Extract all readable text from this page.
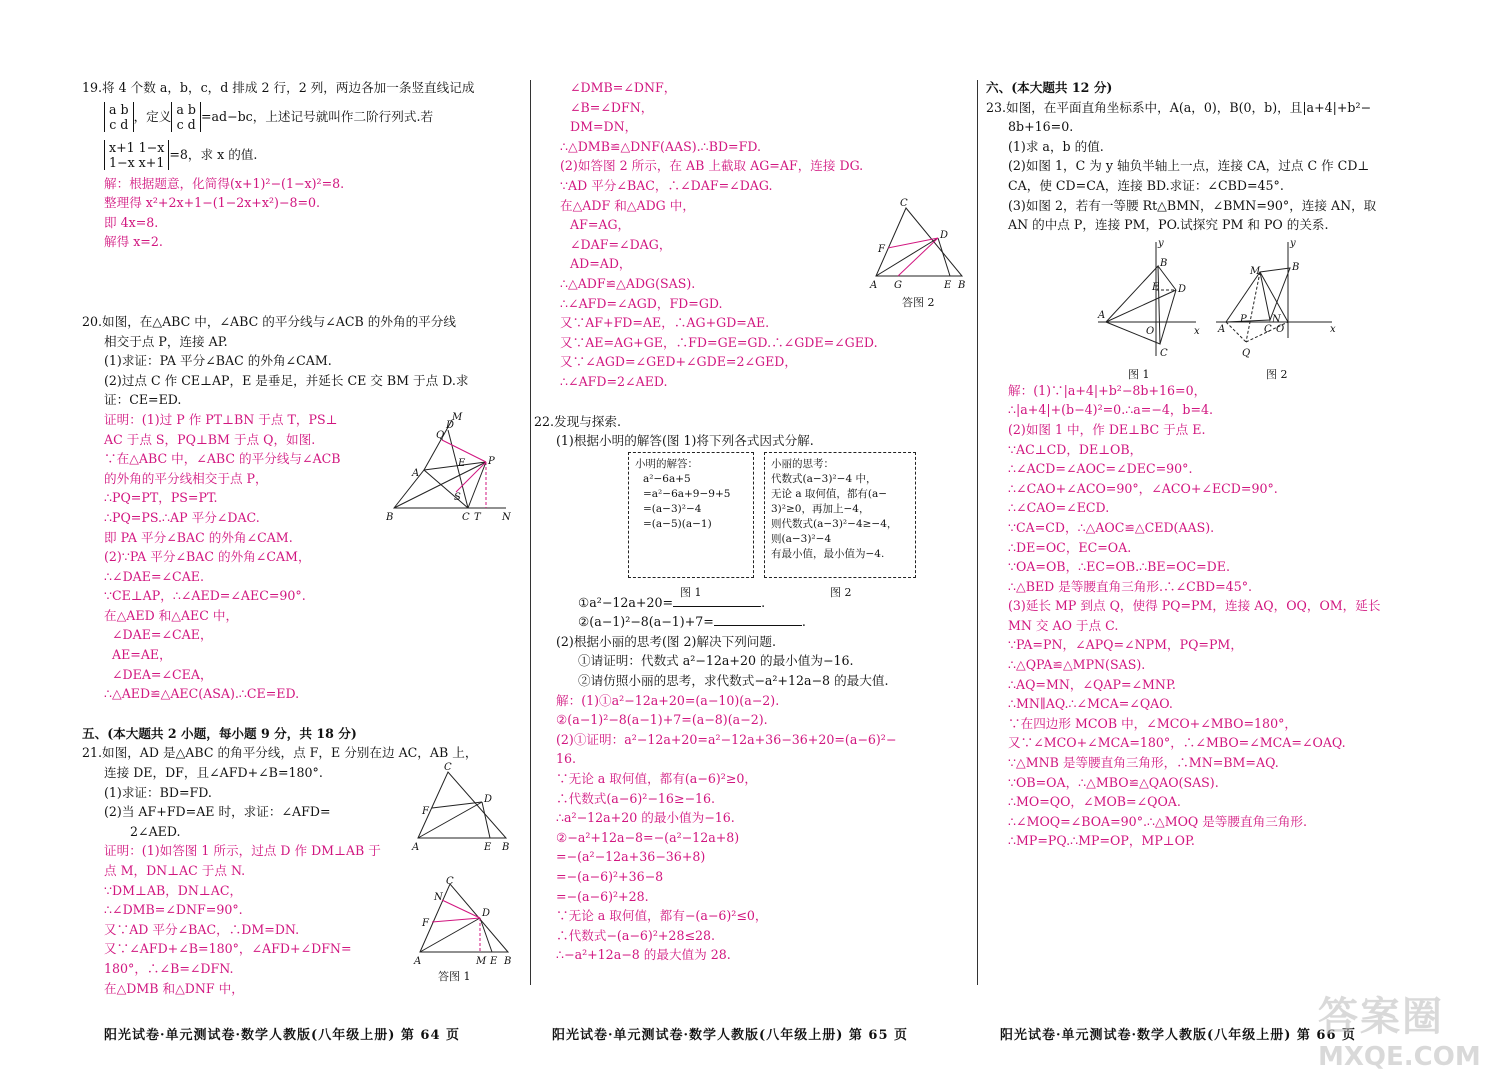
19.将 4 个数 a，b，c，d 排成 2 行，2 列，两边各加一条竖直线记成
a b
c d
，定义 a b
c d
=ad−bc，上述记号就叫作二阶行列式.若
x+1 1−x
1−x x+1
=8，求 x 的值.
解：根据题意，化简得(x+1)²−(1−x)²=8.
整理得 x²+2x+1−(1−2x+x²)−8=0.
即 4x=8.
解得 x=2.
20.如图，在△ABC 中，∠ABC 的平分线与∠ACB 的外角的平分线
相交于点 P，连接 AP.
(1)求证：PA 平分∠BAC 的外角∠CAM.
(2)过点 C 作 CE⊥AP，E 是垂足，并延长 CE 交 BM 于点 D.求
证：CE=ED.
证明：(1)过 P 作 PT⊥BN 于点 T，PS⊥
AC 于点 S，PQ⊥BM 于点 Q，如图.
∵在△ABC 中，∠ABC 的平分线与∠ACB
的外角的平分线相交于点 P，
∴PQ=PT，PS=PT.
∴PQ=PS.∴AP 平分∠DAC.
即 PA 平分∠BAC 的外角∠CAM.
(2)∵PA 平分∠BAC 的外角∠CAM，
∴∠DAE=∠CAE.
∵CE⊥AP，∴∠AED=∠AEC=90°.
在△AED 和△AEC 中，
∠DAE=∠CAE，
AE=AE，
∠DEA=∠CEA，
∴△AED≌△AEC(ASA).∴CE=ED.
五、(本大题共 2 小题，每小题 9 分，共 18 分)
21.如图，AD 是△ABC 的角平分线，点 F，E 分别在边 AC，AB 上，
连接 DE，DF，且∠AFD+∠B=180°.
(1)求证：BD=FD.
(2)当 AF+FD=AE 时，求证：∠AFD=
2∠AED.
证明：(1)如答图 1 所示，过点 D 作 DM⊥AB 于
点 M，DN⊥AC 于点 N.
∵DM⊥AB，DN⊥AC，
∴∠DMB=∠DNF=90°.
又∵AD 平分∠BAC，∴DM=DN.
又∵∠AFD+∠B=180°，∠AFD+∠DFN=
180°，∴∠B=∠DFN.
在△DMB 和△DNF 中，
B
A
C T N
P
M
Q
D
E
S
A
C
F
D
E B
A
C
N
F
D
M E B
答图 1
∠DMB=∠DNF，
∠B=∠DFN，
DM=DN，
∴△DMB≌△DNF(AAS).∴BD=FD.
(2)如答图 2 所示，在 AB 上截取 AG=AF，连接 DG.
∵AD 平分∠BAC，∴∠DAF=∠DAG.
在△ADF 和△ADG 中，
AF=AG，
∠DAF=∠DAG，
AD=AD，
∴△ADF≌△ADG(SAS).
∴∠AFD=∠AGD，FD=GD.
又∵AF+FD=AE，∴AG+GD=AE.
又∵AE=AG+GE，∴FD=GE=GD.∴∠GDE=∠GED.
又∵∠AGD=∠GED+∠GDE=2∠GED，
∴∠AFD=2∠AED.
22.发现与探索.
(1)根据小明的解答(图 1)将下列各式因式分解.
①a²−12a+20=	.
②(a−1)²−8(a−1)+7=	.
(2)根据小丽的思考(图 2)解决下列问题.
①请证明：代数式 a²−12a+20 的最小值为−16.
②请仿照小丽的思考，求代数式−a²+12a−8 的最大值.
解：(1)①a²−12a+20=(a−10)(a−2).
②(a−1)²−8(a−1)+7=(a−8)(a−2).
(2)①证明：a²−12a+20=a²−12a+36−36+20=(a−6)²−
16.
∵无论 a 取何值，都有(a−6)²≥0，
∴代数式(a−6)²−16≥−16.
∴a²−12a+20 的最小值为−16.
②−a²+12a−8=−(a²−12a+8)
=−(a²−12a+36−36+8)
=−(a−6)²+36−8
=−(a−6)²+28.
∵无论 a 取何值，都有−(a−6)²≤0，
∴代数式−(a−6)²+28≤28.
∴−a²+12a−8 的最大值为 28.
A
C
F
D
G	E B
答图 2
小明的解答：
a²−6a+5
=a²−6a+9−9+5
=(a−3)²−4
=(a−5)(a−1)
小丽的思考：
代数式(a−3)²−4 中，
无论 a 取何值，都有(a−
3)²≥0，再加上−4，
则代数式(a−3)²−4≥−4，
则(a−3)²−4
有最小值，最小值为−4.
图 1	图 2
六、(本大题共 12 分)
23.如图，在平面直角坐标系中，A(a，0)，B(0，b)，且|a+4|+b²−
8b+16=0.
(1)求 a，b 的值.
(2)如图 1，C 为 y 轴负半轴上一点，连接 CA，过点 C 作 CD⊥
CA，使 CD=CA，连接 BD.求证：∠CBD=45°.
(3)如图 2，若有一等腰 Rt△BMN，∠BMN=90°，连接 AN，取
AN 的中点 P，连接 PM，PO.试探究 PM 和 PO 的关系.
解：(1)∵|a+4|+b²−8b+16=0，
∴|a+4|+(b−4)²=0.∴a=−4，b=4.
(2)如图 1 中，作 DE⊥BC 于点 E.
∵AC⊥CD，DE⊥OB，
∴∠ACD=∠AOC=∠DEC=90°.
∴∠CAO+∠ACO=90°，∠ACO+∠ECD=90°.
∴∠CAO=∠ECD.
∵CA=CD，∴△AOC≌△CED(AAS).
∴DE=OC，EC=OA.
∵OA=OB，∴EC=OB.∴BE=OC=DE.
∴△BED 是等腰直角三角形.∴∠CBD=45°.
(3)延长 MP 到点 Q，使得 PQ=PM，连接 AQ，OQ，OM，延长
MN 交 AO 于点 C.
∵PA=PN，∠APQ=∠NPM，PQ=PM，
∴△QPA≌△MPN(SAS).
∴AQ=MN，∠QAP=∠MNP.
∴MN∥AQ.∴∠MCA=∠QAO.
∵在四边形 MCOB 中，∠MCO+∠MBO=180°，
又∵∠MCO+∠MCA=180°，∴∠MBO=∠MCA=∠OAQ.
∵△MNB 是等腰直角三角形，∴MN=BM=AQ.
∵OB=OA，∴△MBO≌△QAO(SAS).
∴MO=QO，∠MOB=∠QOA.
∴∠MOQ=∠BOA=90°.∴△MOQ 是等腰直角三角形.
∴MP=PQ.∴MP=OP，MP⊥OP.
y
B
A
O	x
E D
C
图 1
y
B
M
A
P
C O	x
Q
N
图 2
阳光试卷·单元测试卷·数学人教版(八年级上册) 第 64 页	阳光试卷·单元测试卷·数学人教版(八年级上册) 第 65 页	阳光试卷·单元测试卷·数学人教版(八年级上册) 第 66 页
答案圈
MXQE.COM
